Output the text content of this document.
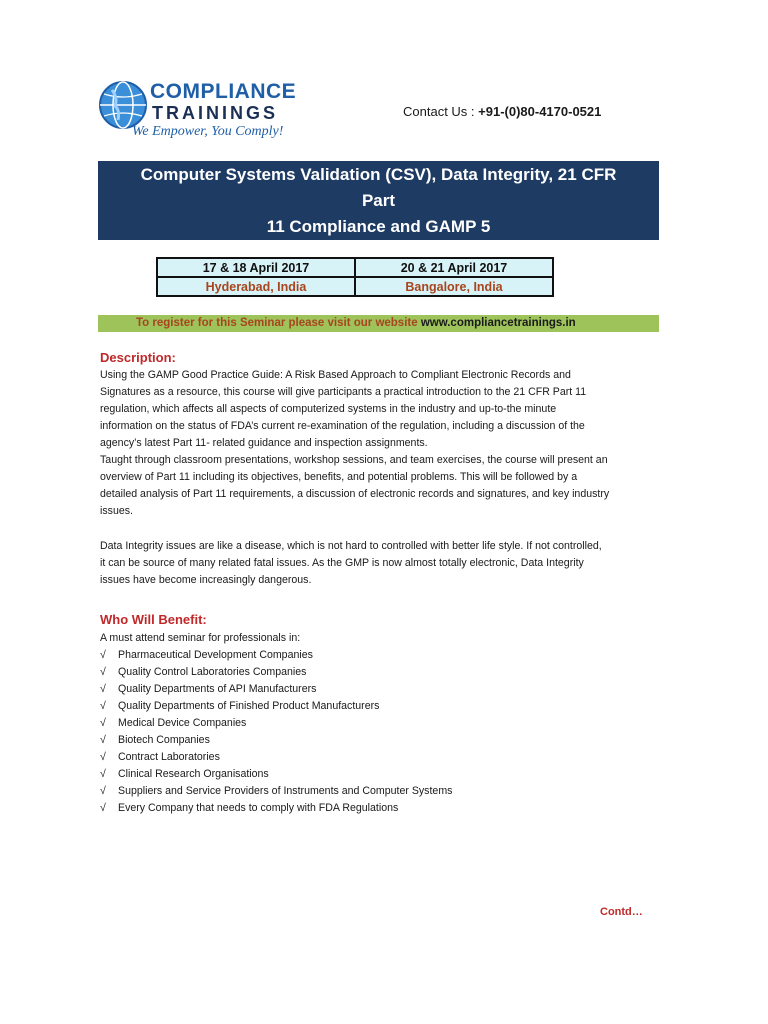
COMPLIANCE
TRAININGS
We Empower, You Comply!
Contact Us : +91-(0)80-4170-0521
Computer Systems Validation (CSV), Data Integrity, 21 CFR Part
11 Compliance and GAMP 5
17 & 18 April 2017	20 & 21 April 2017
Hyderabad, India	Bangalore, India
To register for this Seminar please visit our website www.compliancetrainings.in
Description:
Using the GAMP Good Practice Guide: A Risk Based Approach to Compliant Electronic Records and
Signatures as a resource, this course will give participants a practical introduction to the 21 CFR Part 11
regulation, which affects all aspects of computerized systems in the industry and up-to-the minute
information on the status of FDA’s current re-examination of the regulation, including a discussion of the
agency’s latest Part 11- related guidance and inspection assignments.
Taught through classroom presentations, workshop sessions, and team exercises, the course will present an
overview of Part 11 including its objectives, benefits, and potential problems. This will be followed by a
detailed analysis of Part 11 requirements, a discussion of electronic records and signatures, and key industry
issues.
Data Integrity issues are like a disease, which is not hard to controlled with better life style. If not controlled,
it can be source of many related fatal issues. As the GMP is now almost totally electronic, Data Integrity
issues have become increasingly dangerous.
Who Will Benefit:
A must attend seminar for professionals in:
√	Pharmaceutical Development Companies
√	Quality Control Laboratories Companies
√	Quality Departments of API Manufacturers
√	Quality Departments of Finished Product Manufacturers
√	Medical Device Companies
√	Biotech Companies
√	Contract Laboratories
√	Clinical Research Organisations
√	Suppliers and Service Providers of Instruments and Computer Systems
√	Every Company that needs to comply with FDA Regulations
Contd…
